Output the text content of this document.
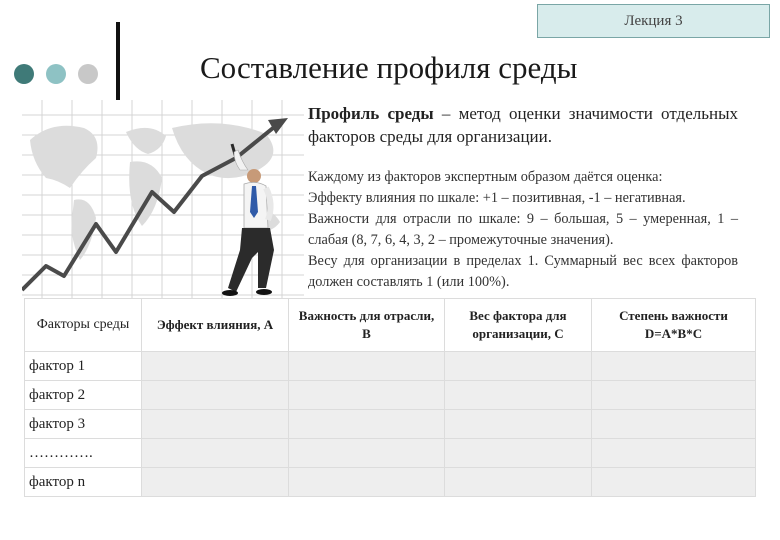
Лекция 3
Составление профиля среды
Профиль среды – метод оценки значимости отдельных факторов среды для организации.

Каждому из факторов экспертным образом даётся оценка:

Эффекту влияния по шкале: +1 – позитивная, -1 – негативная.

Важности для отрасли по шкале: 9 – большая, 5 – умеренная, 1 – слабая (8, 7, 6, 4, 3, 2 – промежуточные значения).

Весу для организации в пределах 1. Суммарный вес всех факторов должен составлять 1 (или 100%).

Факторы среды	Эффект влияния, А	Важность для отрасли, В	Вес фактора для организации, С	Степень важности D=A*B*C
фактор 1				
фактор 2				
фактор 3				
………….				
фактор n				
